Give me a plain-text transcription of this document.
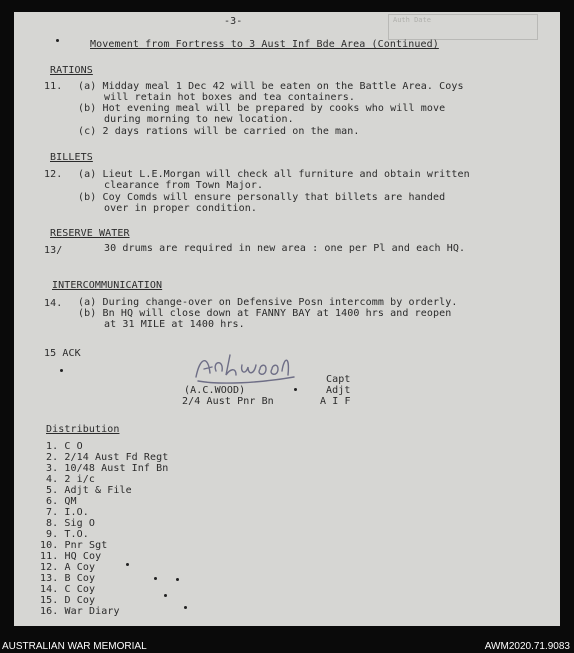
Auth Date
-3-
Movement from Fortress to 3 Aust Inf Bde Area (Continued)
RATIONS
11. (a) Midday meal 1 Dec 42 will be eaten on the Battle Area. Coys
will retain hot boxes and tea containers.
(b) Hot evening meal will be prepared by cooks who will move
during morning to new location.
(c) 2 days rations will be carried on the man.
BILLETS
12. (a) Lieut L.E.Morgan will check all furniture and obtain written
clearance from Town Major.
(b) Coy Comds will ensure personally that billets are handed
over in proper condition.
RESERVE WATER
13/	30 drums are required in new area : one per Pl and each HQ.
INTERCOMMUNICATION
14. (a) During change-over on Defensive Posn intercomm by orderly.
(b) Bn HQ will close down at FANNY BAY at 1400 hrs and reopen
at 31 MILE at 1400 hrs.
15 ACK
(A.C.WOOD)
2/4 Aust Pnr Bn
Capt
Adjt
A I F
Distribution
1. C O
2. 2/14 Aust Fd Regt
3. 10/48 Aust Inf Bn
4. 2 i/c
5. Adjt & File
6. QM
7. I.O.
8. Sig O
9. T.O.
10. Pnr Sgt
11. HQ Coy
12. A Coy
13. B Coy
14. C Coy
15. D Coy
16. War Diary
AUSTRALIAN WAR MEMORIAL	AWM2020.71.9083
